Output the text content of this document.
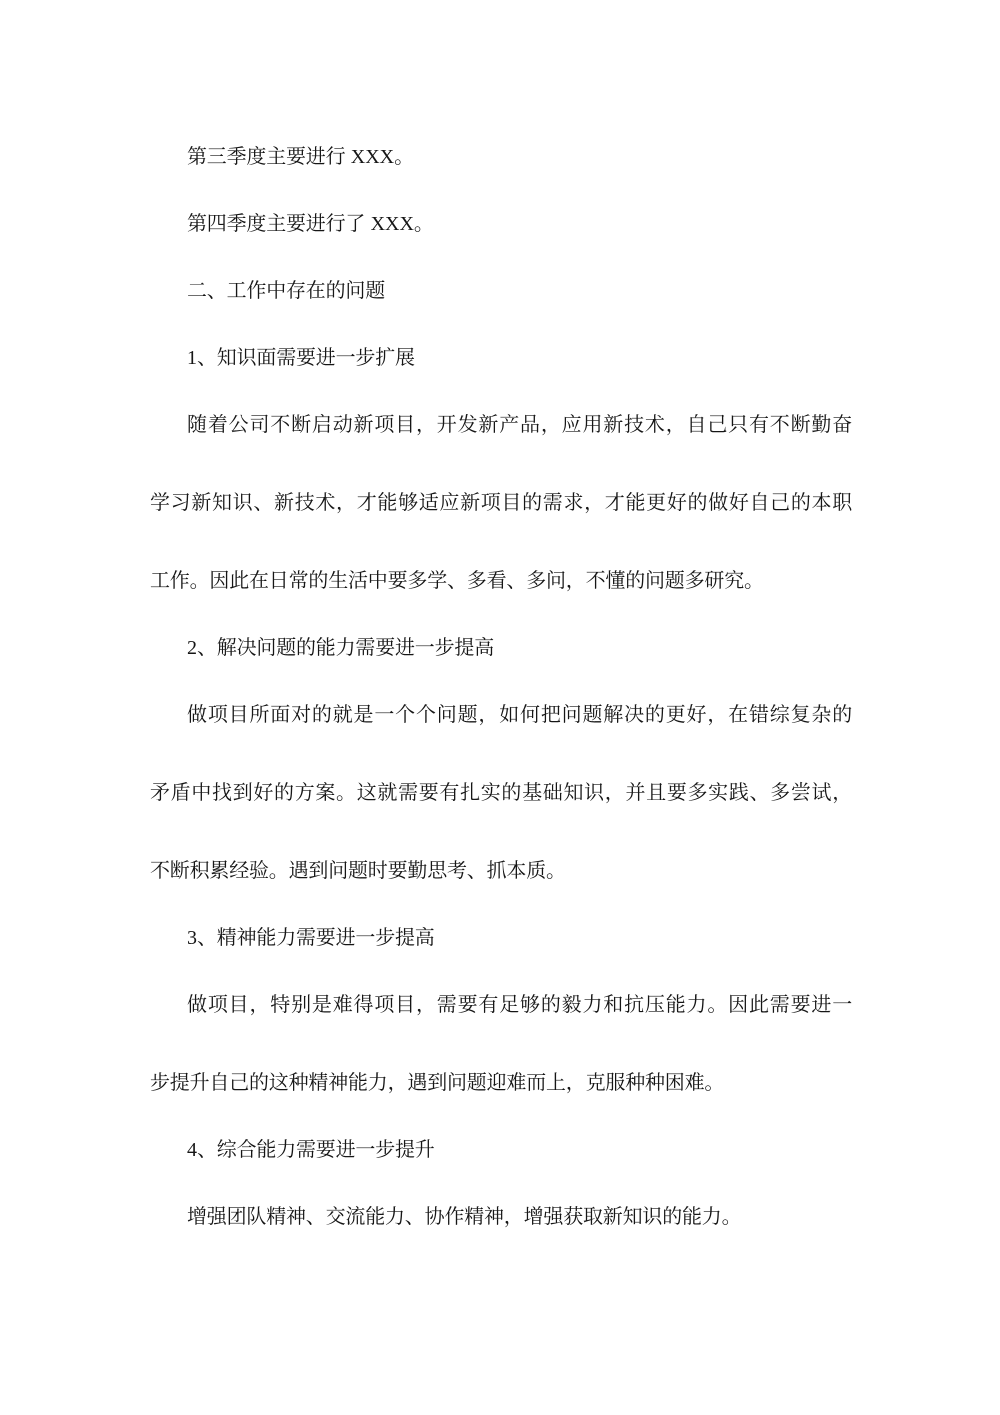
第三季度主要进行 XXX。
第四季度主要进行了 XXX。
二、工作中存在的问题
1、知识面需要进一步扩展
随着公司不断启动新项目，开发新产品，应用新技术，自己只有不断勤奋
学习新知识、新技术，才能够适应新项目的需求，才能更好的做好自己的本职
工作。因此在日常的生活中要多学、多看、多问，不懂的问题多研究。
2、解决问题的能力需要进一步提高
做项目所面对的就是一个个问题，如何把问题解决的更好，在错综复杂的
矛盾中找到好的方案。这就需要有扎实的基础知识，并且要多实践、多尝试，
不断积累经验。遇到问题时要勤思考、抓本质。
3、精神能力需要进一步提高
做项目，特别是难得项目，需要有足够的毅力和抗压能力。因此需要进一
步提升自己的这种精神能力，遇到问题迎难而上，克服种种困难。
4、综合能力需要进一步提升
增强团队精神、交流能力、协作精神，增强获取新知识的能力。
